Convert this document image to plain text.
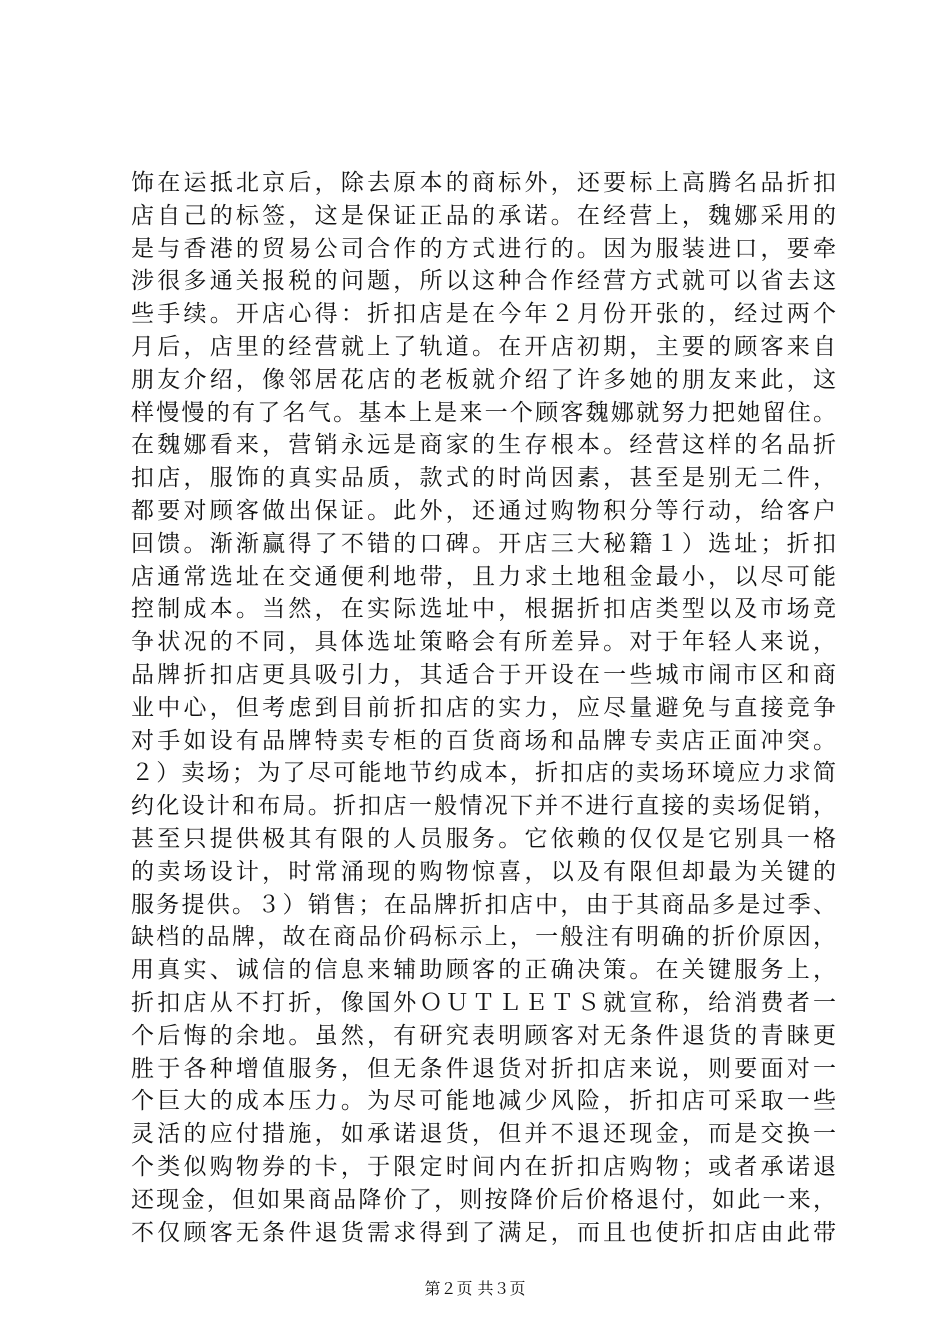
饰在运抵北京后，除去原本的商标外，还要标上高腾名品折扣
店自己的标签，这是保证正品的承诺。在经营上，魏娜采用的
是与香港的贸易公司合作的方式进行的。因为服装进口，要牵
涉很多通关报税的问题，所以这种合作经营方式就可以省去这
些手续。开店心得：折扣店是在今年２月份开张的，经过两个
月后，店里的经营就上了轨道。在开店初期，主要的顾客来自
朋友介绍，像邻居花店的老板就介绍了许多她的朋友来此，这
样慢慢的有了名气。基本上是来一个顾客魏娜就努力把她留住。
在魏娜看来，营销永远是商家的生存根本。经营这样的名品折
扣店，服饰的真实品质，款式的时尚因素，甚至是别无二件，
都要对顾客做出保证。此外，还通过购物积分等行动，给客户
回馈。渐渐赢得了不错的口碑。开店三大秘籍１）选址；折扣
店通常选址在交通便利地带，且力求土地租金最小，以尽可能
控制成本。当然，在实际选址中，根据折扣店类型以及市场竞
争状况的不同，具体选址策略会有所差异。对于年轻人来说，
品牌折扣店更具吸引力，其适合于开设在一些城市闹市区和商
业中心，但考虑到目前折扣店的实力，应尽量避免与直接竞争
对手如设有品牌特卖专柜的百货商场和品牌专卖店正面冲突。
２）卖场；为了尽可能地节约成本，折扣店的卖场环境应力求简
约化设计和布局。折扣店一般情况下并不进行直接的卖场促销，
甚至只提供极其有限的人员服务。它依赖的仅仅是它别具一格
的卖场设计，时常涌现的购物惊喜，以及有限但却最为关键的
服务提供。３）销售；在品牌折扣店中，由于其商品多是过季、
缺档的品牌，故在商品价码标示上，一般注有明确的折价原因，
用真实、诚信的信息来辅助顾客的正确决策。在关键服务上，
折扣店从不打折，像国外ＯＵＴＬＥＴＳ就宣称，给消费者一
个后悔的余地。虽然，有研究表明顾客对无条件退货的青睐更
胜于各种增值服务，但无条件退货对折扣店来说，则要面对一
个巨大的成本压力。为尽可能地减少风险，折扣店可采取一些
灵活的应付措施，如承诺退货，但并不退还现金，而是交换一
个类似购物券的卡，于限定时间内在折扣店购物；或者承诺退
还现金，但如果商品降价了，则按降价后价格退付，如此一来，
不仅顾客无条件退货需求得到了满足，而且也使折扣店由此带
第２页 共３页
